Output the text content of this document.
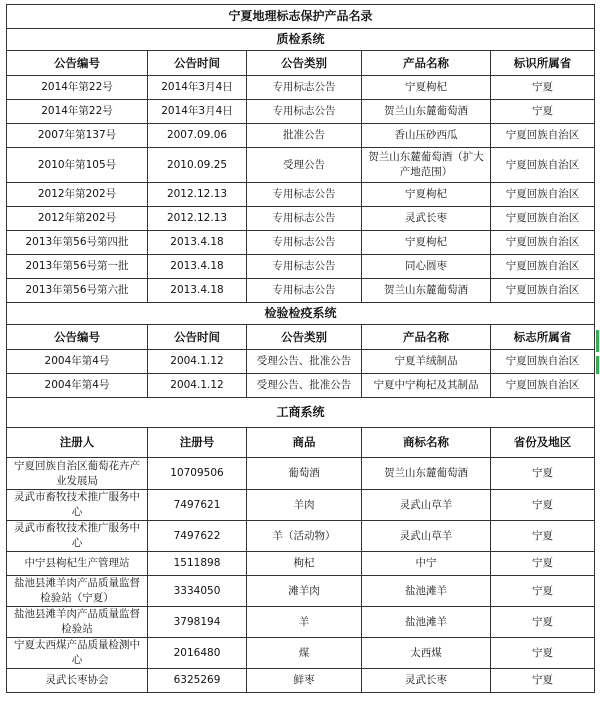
宁夏地理标志保护产品名录				
质检系统				
公告编号	公告时间	公告类别	产品名称	标识所属省
2014年第22号	2014年3月4日	专用标志公告	宁夏枸杞	宁夏
2014年第22号	2014年3月4日	专用标志公告	贺兰山东麓葡萄酒	宁夏
2007年第137号	2007.09.06	批准公告	香山压砂西瓜	宁夏回族自治区
2010年第105号	2010.09.25	受理公告	贺兰山东麓葡萄酒（扩大产地范围）	宁夏回族自治区
2012年第202号	2012.12.13	专用标志公告	宁夏枸杞	宁夏回族自治区
2012年第202号	2012.12.13	专用标志公告	灵武长枣	宁夏回族自治区
2013年第56号第四批	2013.4.18	专用标志公告	宁夏枸杞	宁夏回族自治区
2013年第56号第一批	2013.4.18	专用标志公告	同心圆枣	宁夏回族自治区
2013年第56号第六批	2013.4.18	专用标志公告	贺兰山东麓葡萄酒	宁夏回族自治区
检验检疫系统				
公告编号	公告时间	公告类别	产品名称	标志所属省
2004年第4号	2004.1.12	受理公告、批准公告	宁夏羊绒制品	宁夏回族自治区
2004年第4号	2004.1.12	受理公告、批准公告	宁夏中宁枸杞及其制品	宁夏回族自治区
工商系统				
注册人	注册号	商品	商标名称	省份及地区
宁夏回族自治区葡萄花卉产业发展局	10709506	葡萄酒	贺兰山东麓葡萄酒	宁夏
灵武市畜牧技术推广服务中心	7497621	羊肉	灵武山草羊	宁夏
灵武市畜牧技术推广服务中心	7497622	羊（活动物）	灵武山草羊	宁夏
中宁县枸杞生产管理站	1511898	枸杞	中宁	宁夏
盐池县滩羊肉产品质量监督检验站（宁夏）	3334050	滩羊肉	盐池滩羊	宁夏
盐池县滩羊肉产品质量监督检验站	3798194	羊	盐池滩羊	宁夏
宁夏太西煤产品质量检测中心	2016480	煤	太西煤	宁夏
灵武长枣协会	6325269	鲜枣	灵武长枣	宁夏
